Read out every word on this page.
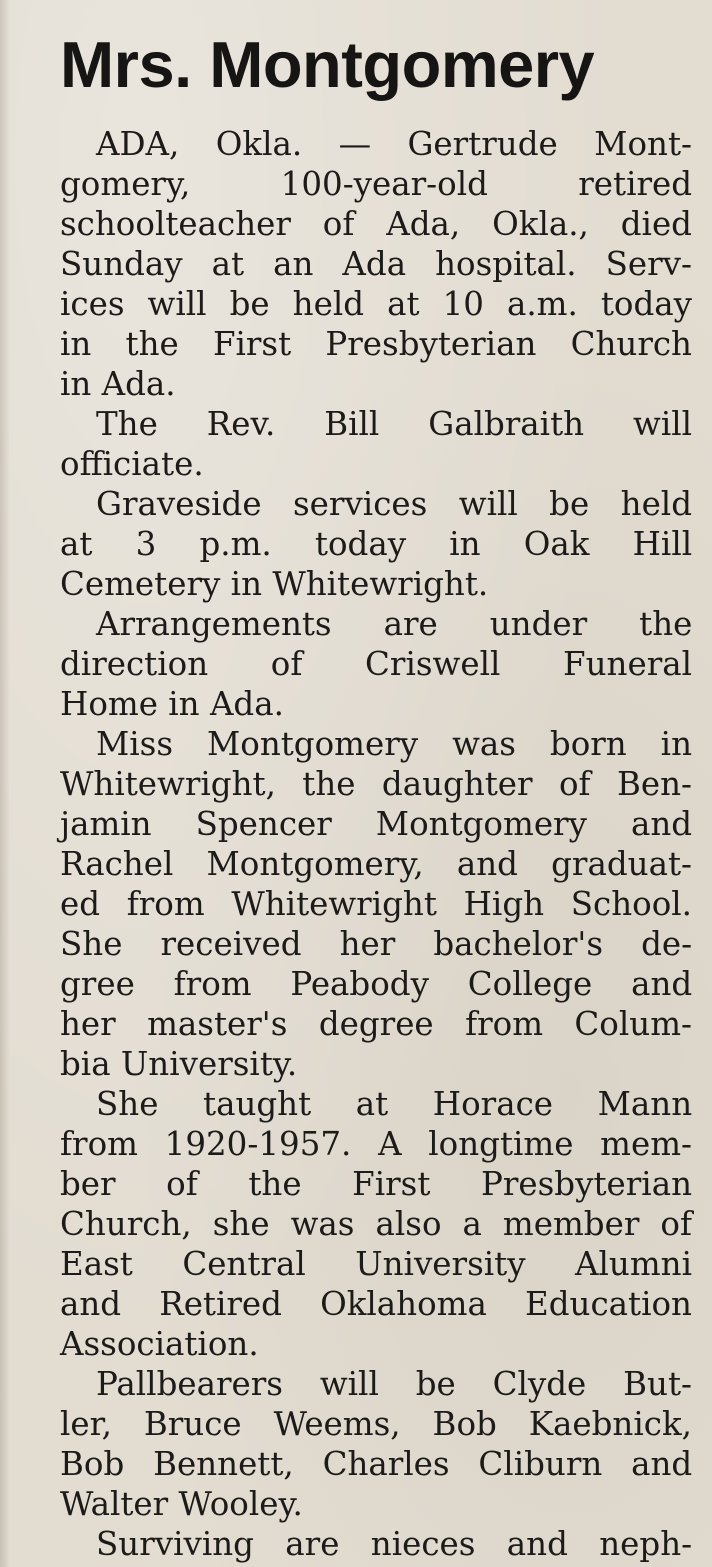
Mrs. Montgomery
ADA, Okla. — Gertrude Mont-
gomery, 100-year-old retired
schoolteacher of Ada, Okla., died
Sunday at an Ada hospital. Serv-
ices will be held at 10 a.m. today
in the First Presbyterian Church
in Ada.
The Rev. Bill Galbraith will
officiate.
Graveside services will be held
at 3 p.m. today in Oak Hill
Cemetery in Whitewright.
Arrangements are under the
direction of Criswell Funeral
Home in Ada.
Miss Montgomery was born in
Whitewright, the daughter of Ben-
jamin Spencer Montgomery and
Rachel Montgomery, and graduat-
ed from Whitewright High School.
She received her bachelor's de-
gree from Peabody College and
her master's degree from Colum-
bia University.
She taught at Horace Mann
from 1920-1957. A longtime mem-
ber of the First Presbyterian
Church, she was also a member of
East Central University Alumni
and Retired Oklahoma Education
Association.
Pallbearers will be Clyde But-
ler, Bruce Weems, Bob Kaebnick,
Bob Bennett, Charles Cliburn and
Walter Wooley.
Surviving are nieces and neph-
